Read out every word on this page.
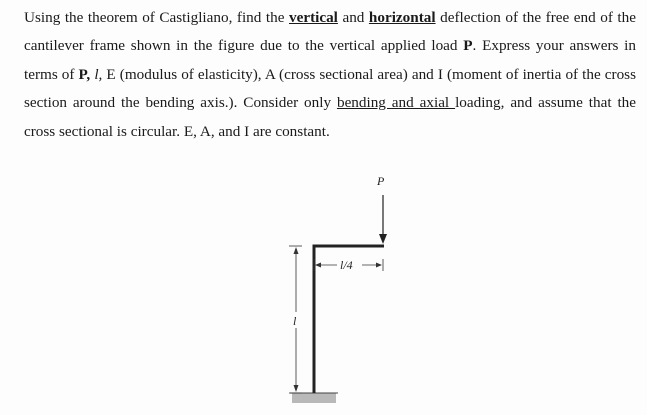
Using the theorem of Castigliano, find the vertical and horizontal deflection of the free end of the cantilever frame shown in the figure due to the vertical applied load P. Express your answers in terms of P, l, E (modulus of elasticity), A (cross sectional area) and I (moment of inertia of the cross section around the bending axis.). Consider only bending and axial loading, and assume that the cross sectional is circular. E, A, and I are constant.

P
l/4
l
